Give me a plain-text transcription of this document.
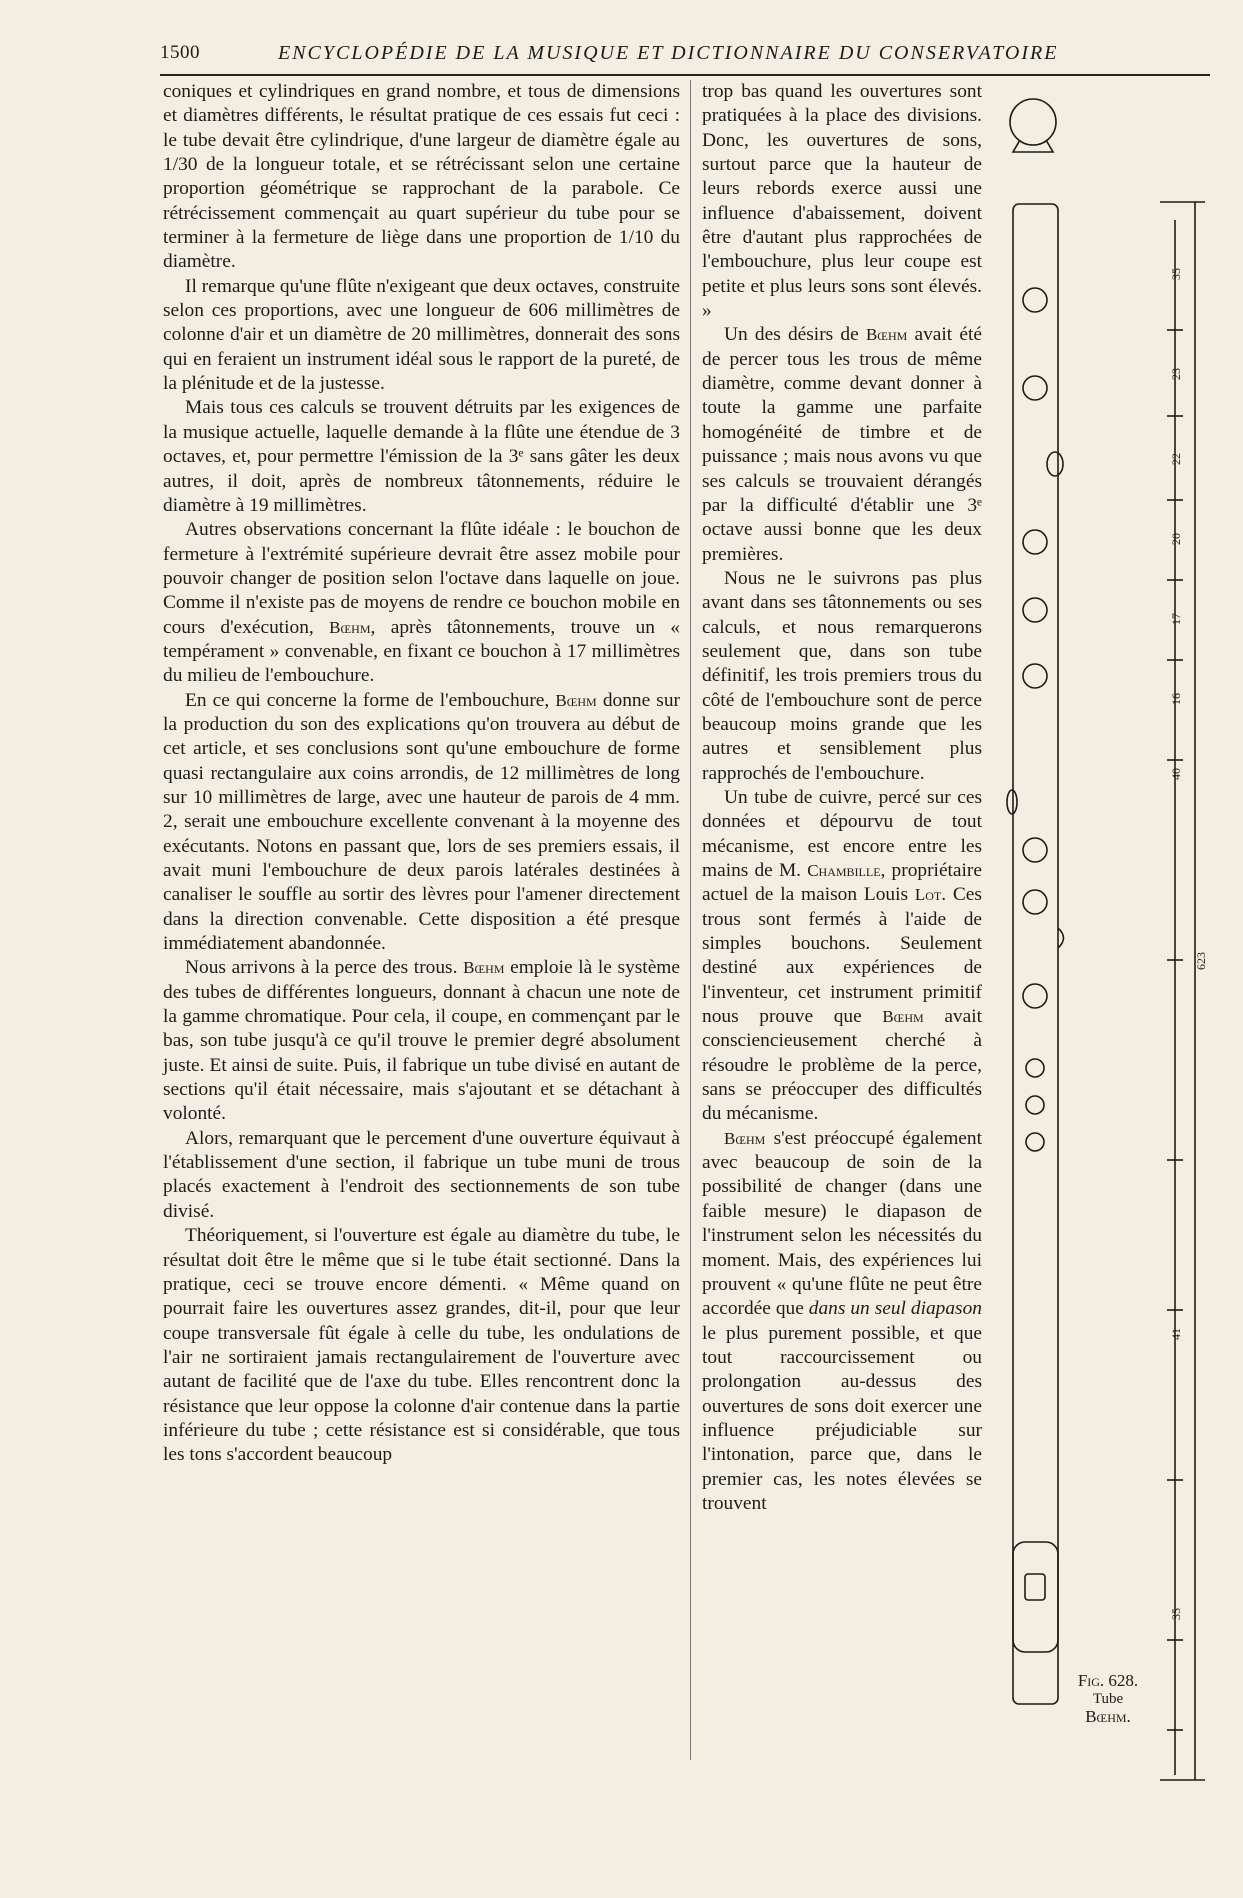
1500	ENCYCLOPÉDIE DE LA MUSIQUE ET DICTIONNAIRE DU CONSERVATOIRE

coniques et cylindriques en grand nombre, et tous de dimensions et diamètres différents, le résultat pratique de ces essais fut ceci : le tube devait être cylindrique, d'une largeur de diamètre égale au 1/30 de la longueur totale, et se rétrécissant selon une certaine proportion géométrique se rapprochant de la parabole. Ce rétrécissement commençait au quart supérieur du tube pour se terminer à la fermeture de liège dans une proportion de 1/10 du diamètre.

Il remarque qu'une flûte n'exigeant que deux octaves, construite selon ces proportions, avec une longueur de 606 millimètres de colonne d'air et un diamètre de 20 millimètres, donnerait des sons qui en feraient un instrument idéal sous le rapport de la pureté, de la plénitude et de la justesse.

Mais tous ces calculs se trouvent détruits par les exigences de la musique actuelle, laquelle demande à la flûte une étendue de 3 octaves, et, pour permettre l'émission de la 3ᵉ sans gâter les deux autres, il doit, après de nombreux tâtonnements, réduire le diamètre à 19 millimètres.

Autres observations concernant la flûte idéale : le bouchon de fermeture à l'extrémité supérieure devrait être assez mobile pour pouvoir changer de position selon l'octave dans laquelle on joue. Comme il n'existe pas de moyens de rendre ce bouchon mobile en cours d'exécution, Bœhm, après tâtonnements, trouve un « tempérament » convenable, en fixant ce bouchon à 17 millimètres du milieu de l'embouchure.

En ce qui concerne la forme de l'embouchure, Bœhm donne sur la production du son des explications qu'on trouvera au début de cet article, et ses conclusions sont qu'une embouchure de forme quasi rectangulaire aux coins arrondis, de 12 millimètres de long sur 10 millimètres de large, avec une hauteur de parois de 4 mm. 2, serait une embouchure excellente convenant à la moyenne des exécutants. Notons en passant que, lors de ses premiers essais, il avait muni l'embouchure de deux parois latérales destinées à canaliser le souffle au sortir des lèvres pour l'amener directement dans la direction convenable. Cette disposition a été presque immédiatement abandonnée.

Nous arrivons à la perce des trous. Bœhm emploie là le système des tubes de différentes longueurs, donnant à chacun une note de la gamme chromatique. Pour cela, il coupe, en commençant par le bas, son tube jusqu'à ce qu'il trouve le premier degré absolument juste. Et ainsi de suite. Puis, il fabrique un tube divisé en autant de sections qu'il était nécessaire, mais s'ajoutant et se détachant à volonté.

Alors, remarquant que le percement d'une ouverture équivaut à l'établissement d'une section, il fabrique un tube muni de trous placés exactement à l'endroit des sectionnements de son tube divisé.

Théoriquement, si l'ouverture est égale au diamètre du tube, le résultat doit être le même que si le tube était sectionné. Dans la pratique, ceci se trouve encore démenti. « Même quand on pourrait faire les ouvertures assez grandes, dit-il, pour que leur coupe transversale fût égale à celle du tube, les ondulations de l'air ne sortiraient jamais rectangulairement de l'ouverture avec autant de facilité que de l'axe du tube. Elles rencontrent donc la résistance que leur oppose la colonne d'air contenue dans la partie inférieure du tube ; cette résistance est si considérable, que tous les tons s'accordent beaucoup

trop bas quand les ouvertures sont pratiquées à la place des divisions. Donc, les ouvertures de sons, surtout parce que la hauteur de leurs rebords exerce aussi une influence d'abaissement, doivent être d'autant plus rapprochées de l'embouchure, plus leur coupe est petite et plus leurs sons sont élevés. »

Un des désirs de Bœhm avait été de percer tous les trous de même diamètre, comme devant donner à toute la gamme une parfaite homogénéité de timbre et de puissance ; mais nous avons vu que ses calculs se trouvaient dérangés par la difficulté d'établir une 3ᵉ octave aussi bonne que les deux premières.

Nous ne le suivrons pas plus avant dans ses tâtonnements ou ses calculs, et nous remarquerons seulement que, dans son tube définitif, les trois premiers trous du côté de l'embouchure sont de perce beaucoup moins grande que les autres et sensiblement plus rapprochés de l'embouchure.

Un tube de cuivre, percé sur ces données et dépourvu de tout mécanisme, est encore entre les mains de M. Chambille, propriétaire actuel de la maison Louis Lot. Ces trous sont fermés à l'aide de simples bouchons. Seulement destiné aux expériences de l'inventeur, cet instrument primitif nous prouve que Bœhm avait consciencieusement cherché à résoudre le problème de la perce, sans se préoccuper des difficultés du mécanisme.

Bœhm s'est préoccupé également avec beaucoup de soin de la possibilité de changer (dans une faible mesure) le diapason de l'instrument selon les nécessités du moment. Mais, des expériences lui prouvent « qu'une flûte ne peut être accordée que dans un seul diapason le plus purement possible, et que tout raccourcissement ou prolongation au-dessus des ouvertures de sons doit exercer une influence préjudiciable sur l'intonation, parce que, dans le premier cas, les notes élevées se trouvent

623
35
23
22
20
17
16
40
41
35
Fig. 628.
Tube
Bœhm.
